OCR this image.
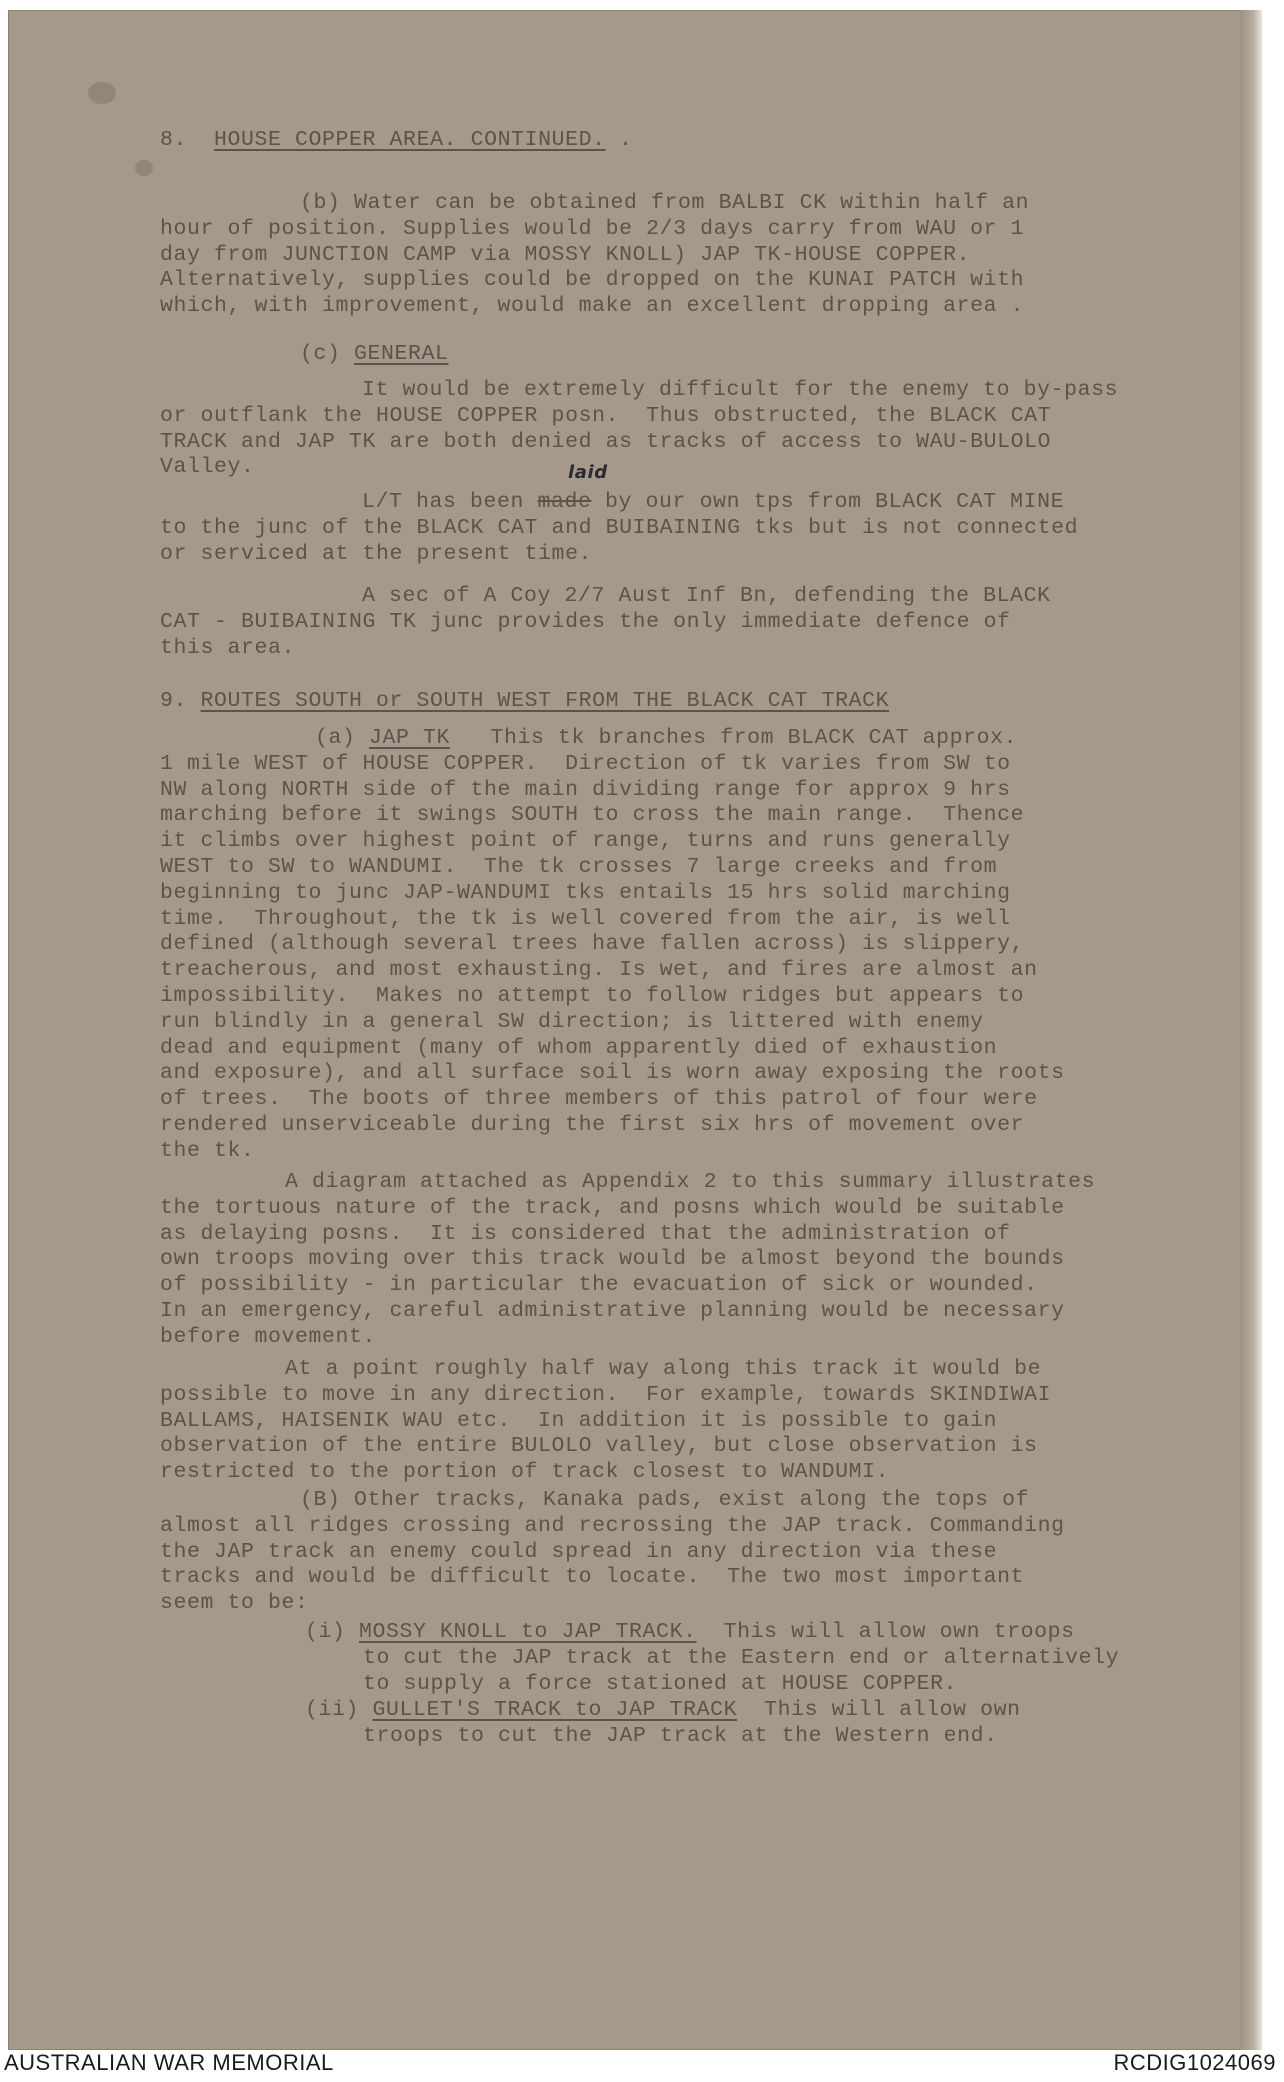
8. HOUSE COPPER AREA. CONTINUED. .
(b) Water can be obtained from BALBI CK within half an
hour of position. Supplies would be 2/3 days carry from WAU or 1
day from JUNCTION CAMP via MOSSY KNOLL) JAP TK-HOUSE COPPER.
Alternatively, supplies could be dropped on the KUNAI PATCH with
which, with improvement, would make an excellent dropping area .
(c) GENERAL
It would be extremely difficult for the enemy to by-pass
or outflank the HOUSE COPPER posn.  Thus obstructed, the BLACK CAT
TRACK and JAP TK are both denied as tracks of access to WAU-BULOLO
Valley.
L/T has been made by our own tps from BLACK CAT MINE
to the junc of the BLACK CAT and BUIBAINING tks but is not connected
or serviced at the present time.
A sec of A Coy 2/7 Aust Inf Bn, defending the BLACK
CAT - BUIBAINING TK junc provides the only immediate defence of
this area.
9. ROUTES SOUTH or SOUTH WEST FROM THE BLACK CAT TRACK
(a) JAP TK   This tk branches from BLACK CAT approx.
1 mile WEST of HOUSE COPPER.  Direction of tk varies from SW to
NW along NORTH side of the main dividing range for approx 9 hrs
marching before it swings SOUTH to cross the main range.  Thence
it climbs over highest point of range, turns and runs generally
WEST to SW to WANDUMI.  The tk crosses 7 large creeks and from
beginning to junc JAP-WANDUMI tks entails 15 hrs solid marching
time.  Throughout, the tk is well covered from the air, is well
defined (although several trees have fallen across) is slippery,
treacherous, and most exhausting. Is wet, and fires are almost an
impossibility.  Makes no attempt to follow ridges but appears to
run blindly in a general SW direction; is littered with enemy
dead and equipment (many of whom apparently died of exhaustion
and exposure), and all surface soil is worn away exposing the roots
of trees.  The boots of three members of this patrol of four were
rendered unserviceable during the first six hrs of movement over
the tk.
A diagram attached as Appendix 2 to this summary illustrates
the tortuous nature of the track, and posns which would be suitable
as delaying posns.  It is considered that the administration of
own troops moving over this track would be almost beyond the bounds
of possibility - in particular the evacuation of sick or wounded.
In an emergency, careful administrative planning would be necessary
before movement.
At a point roughly half way along this track it would be
possible to move in any direction.  For example, towards SKINDIWAI
BALLAMS, HAISENIK WAU etc.  In addition it is possible to gain
observation of the entire BULOLO valley, but close observation is
restricted to the portion of track closest to WANDUMI.
(B) Other tracks, Kanaka pads, exist along the tops of
almost all ridges crossing and recrossing the JAP track. Commanding
the JAP track an enemy could spread in any direction via these
tracks and would be difficult to locate.  The two most important
seem to be:
(i) MOSSY KNOLL to JAP TRACK.  This will allow own troops
to cut the JAP track at the Eastern end or alternatively
to supply a force stationed at HOUSE COPPER.
(ii) GULLET'S TRACK to JAP TRACK  This will allow own
troops to cut the JAP track at the Western end.
laid
AUSTRALIAN WAR MEMORIAL	RCDIG1024069
